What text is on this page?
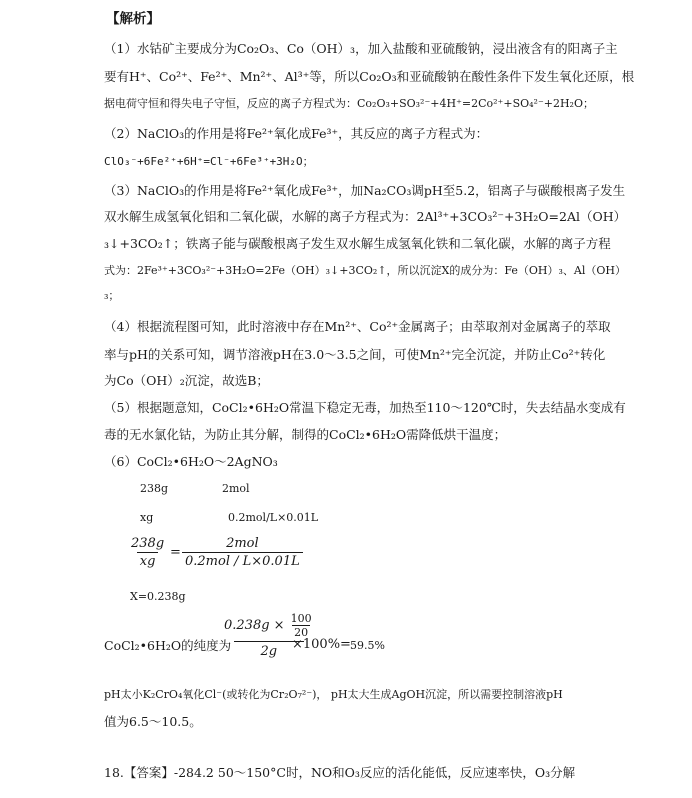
【解析】
（1）水钴矿主要成分为Co₂O₃、Co（OH）₃，加入盐酸和亚硫酸钠，浸出液含有的阳离子主
要有H⁺、Co²⁺、Fe²⁺、Mn²⁺、Al³⁺等，所以Co₂O₃和亚硫酸钠在酸性条件下发生氧化还原，根
据电荷守恒和得失电子守恒，反应的离子方程式为：Co₂O₃+SO₃²⁻+4H⁺=2Co²⁺+SO₄²⁻+2H₂O；
（2）NaClO₃的作用是将Fe²⁺氧化成Fe³⁺，其反应的离子方程式为：
ClO₃⁻+6Fe²⁺+6H⁺=Cl⁻+6Fe³⁺+3H₂O；
（3）NaClO₃的作用是将Fe²⁺氧化成Fe³⁺，加Na₂CO₃调pH至5.2，铝离子与碳酸根离子发生
双水解生成氢氧化铝和二氧化碳，水解的离子方程式为：2Al³⁺+3CO₃²⁻+3H₂O=2Al（OH）
₃↓+3CO₂↑；铁离子能与碳酸根离子发生双水解生成氢氧化铁和二氧化碳，水解的离子方程
式为：2Fe³⁺+3CO₃²⁻+3H₂O=2Fe（OH）₃↓+3CO₂↑，所以沉淀X的成分为：Fe（OH）₃、Al（OH）
₃；
（4）根据流程图可知，此时溶液中存在Mn²⁺、Co²⁺金属离子；由萃取剂对金属离子的萃取
率与pH的关系可知，调节溶液pH在3.0～3.5之间，可使Mn²⁺完全沉淀，并防止Co²⁺转化
为Co（OH）₂沉淀，故选B；
（5）根据题意知，CoCl₂•6H₂O常温下稳定无毒，加热至110～120℃时，失去结晶水变成有
毒的无水氯化钴，为防止其分解，制得的CoCl₂•6H₂O需降低烘干温度；
（6）CoCl₂•6H₂O～2AgNO₃
238g	2mol
xg	0.2mol/L×0.01L
$\frac{238g}{xg}$ =
2mol
0.2mol / L×0.01L
X=0.238g
CoCl₂•6H₂O的纯度为
$\frac{0.238g \times \frac{100}{20}}{2g}$
×100%= 59.5%
pH太小K₂CrO₄氧化Cl⁻(或转化为Cr₂O₇²⁻)， pH太大生成AgOH沉淀，所以需要控制溶液pH
值为6.5～10.5。
18.【答案】-284.2 50～150°C时，NO和O₃反应的活化能低，反应速率快，O₃分解
